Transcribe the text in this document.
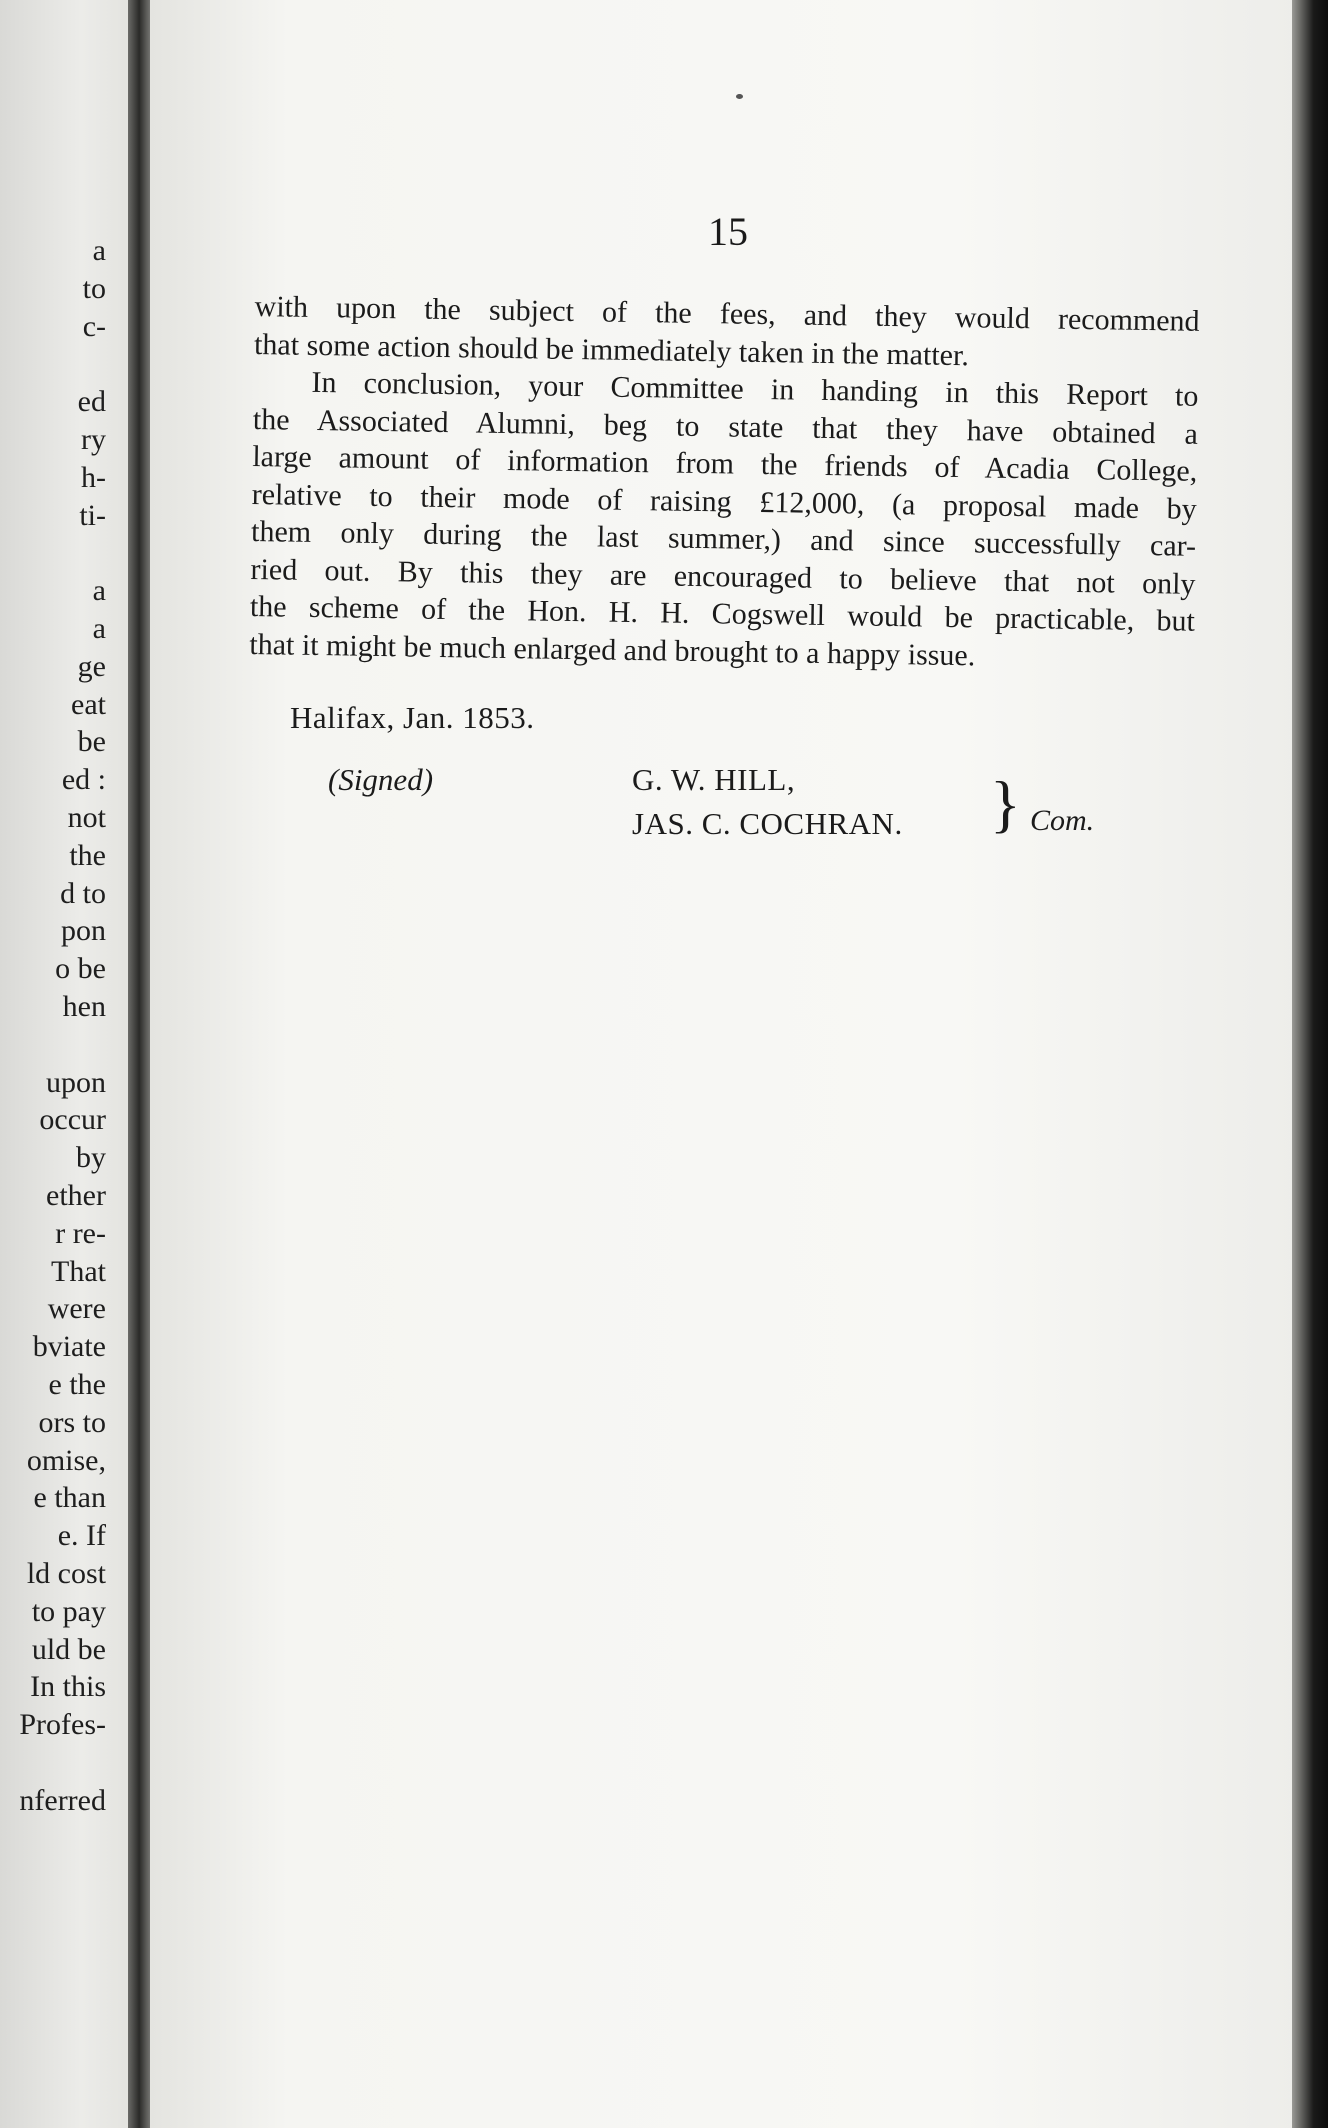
a
to
c-
ed
ry
h-
ti-
a
a
ge
eat
be
ed :
not
the
d to
pon
o be
hen
upon
occur
by
ether
r re-
That
were
bviate
e the
ors to
omise,
e than
e. If
ld cost
to pay
uld be
In this
Profes-
nferred
15
with upon the subject of the fees, and they would recommend
that some action should be immediately taken in the matter.
In conclusion, your Committee in handing in this Report to
the Associated Alumni, beg to state that they have obtained a
large amount of information from the friends of Acadia College,
relative to their mode of raising £12,000, (a proposal made by
them only during the last summer,) and since successfully car-
ried out. By this they are encouraged to believe that not only
the scheme of the Hon. H. H. Cogswell would be practicable, but
that it might be much enlarged and brought to a happy issue.
Halifax, Jan. 1853.
(Signed)	G. W. HILL,
JAS. C. COCHRAN. } Com.
